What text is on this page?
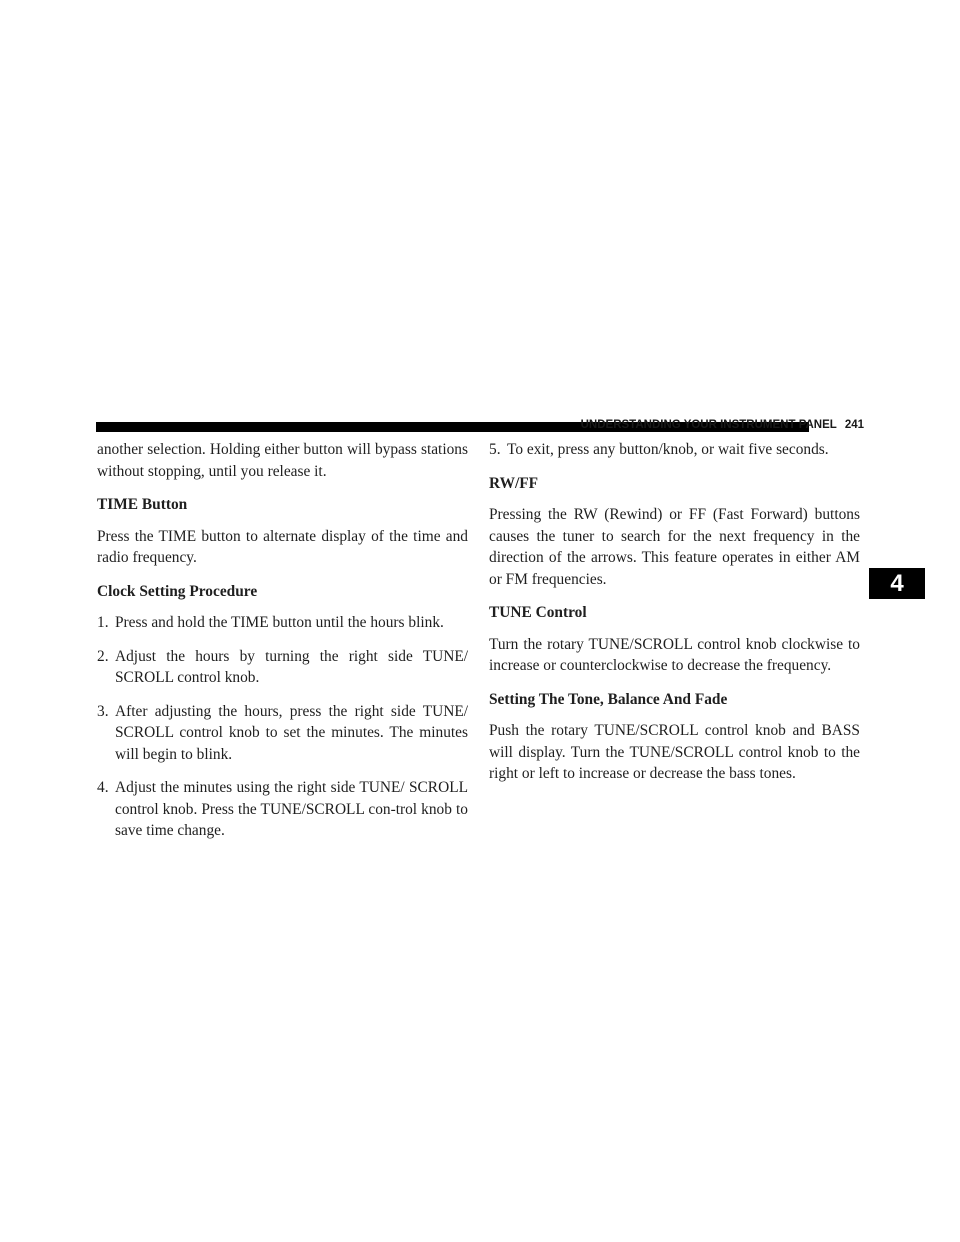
UNDERSTANDING YOUR INSTRUMENT PANEL 241
4

another selection. Holding either button will bypass stations without stopping, until you release it.

TIME Button

Press the TIME button to alternate display of the time and radio frequency.

Clock Setting Procedure
1. Press and hold the TIME button until the hours blink.
2. Adjust the hours by turning the right side TUNE/ SCROLL control knob.
3. After adjusting the hours, press the right side TUNE/ SCROLL control knob to set the minutes. The minutes will begin to blink.
4. Adjust the minutes using the right side TUNE/ SCROLL control knob. Press the TUNE/SCROLL con-trol knob to save time change.
5. To exit, press any button/knob, or wait five seconds.
RW/FF

Pressing the RW (Rewind) or FF (Fast Forward) buttons causes the tuner to search for the next frequency in the direction of the arrows. This feature operates in either AM or FM frequencies.

TUNE Control

Turn the rotary TUNE/SCROLL control knob clockwise to increase or counterclockwise to decrease the frequency.

Setting The Tone, Balance And Fade

Push the rotary TUNE/SCROLL control knob and BASS will display. Turn the TUNE/SCROLL control knob to the right or left to increase or decrease the bass tones.
